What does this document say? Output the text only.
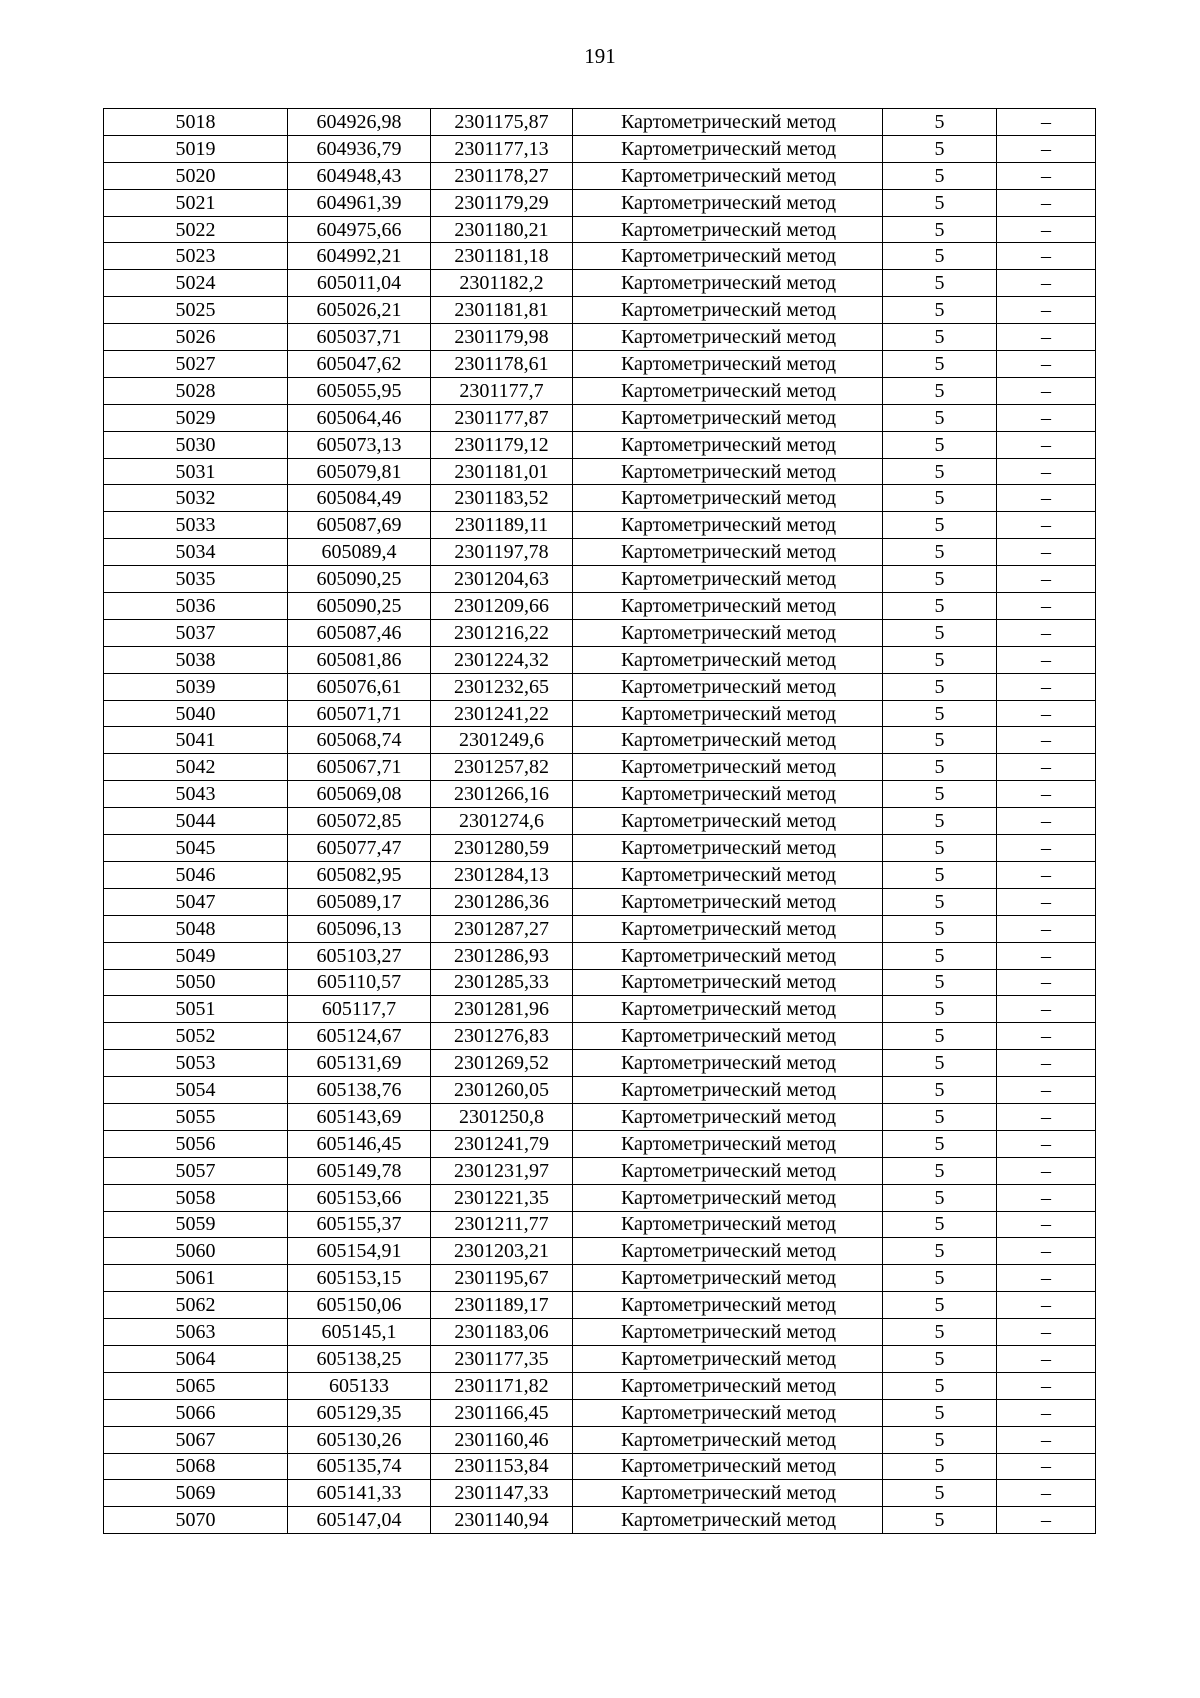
191
5018	604926,98	2301175,87	Картометрический метод	5	–
5019	604936,79	2301177,13	Картометрический метод	5	–
5020	604948,43	2301178,27	Картометрический метод	5	–
5021	604961,39	2301179,29	Картометрический метод	5	–
5022	604975,66	2301180,21	Картометрический метод	5	–
5023	604992,21	2301181,18	Картометрический метод	5	–
5024	605011,04	2301182,2	Картометрический метод	5	–
5025	605026,21	2301181,81	Картометрический метод	5	–
5026	605037,71	2301179,98	Картометрический метод	5	–
5027	605047,62	2301178,61	Картометрический метод	5	–
5028	605055,95	2301177,7	Картометрический метод	5	–
5029	605064,46	2301177,87	Картометрический метод	5	–
5030	605073,13	2301179,12	Картометрический метод	5	–
5031	605079,81	2301181,01	Картометрический метод	5	–
5032	605084,49	2301183,52	Картометрический метод	5	–
5033	605087,69	2301189,11	Картометрический метод	5	–
5034	605089,4	2301197,78	Картометрический метод	5	–
5035	605090,25	2301204,63	Картометрический метод	5	–
5036	605090,25	2301209,66	Картометрический метод	5	–
5037	605087,46	2301216,22	Картометрический метод	5	–
5038	605081,86	2301224,32	Картометрический метод	5	–
5039	605076,61	2301232,65	Картометрический метод	5	–
5040	605071,71	2301241,22	Картометрический метод	5	–
5041	605068,74	2301249,6	Картометрический метод	5	–
5042	605067,71	2301257,82	Картометрический метод	5	–
5043	605069,08	2301266,16	Картометрический метод	5	–
5044	605072,85	2301274,6	Картометрический метод	5	–
5045	605077,47	2301280,59	Картометрический метод	5	–
5046	605082,95	2301284,13	Картометрический метод	5	–
5047	605089,17	2301286,36	Картометрический метод	5	–
5048	605096,13	2301287,27	Картометрический метод	5	–
5049	605103,27	2301286,93	Картометрический метод	5	–
5050	605110,57	2301285,33	Картометрический метод	5	–
5051	605117,7	2301281,96	Картометрический метод	5	–
5052	605124,67	2301276,83	Картометрический метод	5	–
5053	605131,69	2301269,52	Картометрический метод	5	–
5054	605138,76	2301260,05	Картометрический метод	5	–
5055	605143,69	2301250,8	Картометрический метод	5	–
5056	605146,45	2301241,79	Картометрический метод	5	–
5057	605149,78	2301231,97	Картометрический метод	5	–
5058	605153,66	2301221,35	Картометрический метод	5	–
5059	605155,37	2301211,77	Картометрический метод	5	–
5060	605154,91	2301203,21	Картометрический метод	5	–
5061	605153,15	2301195,67	Картометрический метод	5	–
5062	605150,06	2301189,17	Картометрический метод	5	–
5063	605145,1	2301183,06	Картометрический метод	5	–
5064	605138,25	2301177,35	Картометрический метод	5	–
5065	605133	2301171,82	Картометрический метод	5	–
5066	605129,35	2301166,45	Картометрический метод	5	–
5067	605130,26	2301160,46	Картометрический метод	5	–
5068	605135,74	2301153,84	Картометрический метод	5	–
5069	605141,33	2301147,33	Картометрический метод	5	–
5070	605147,04	2301140,94	Картометрический метод	5	–
